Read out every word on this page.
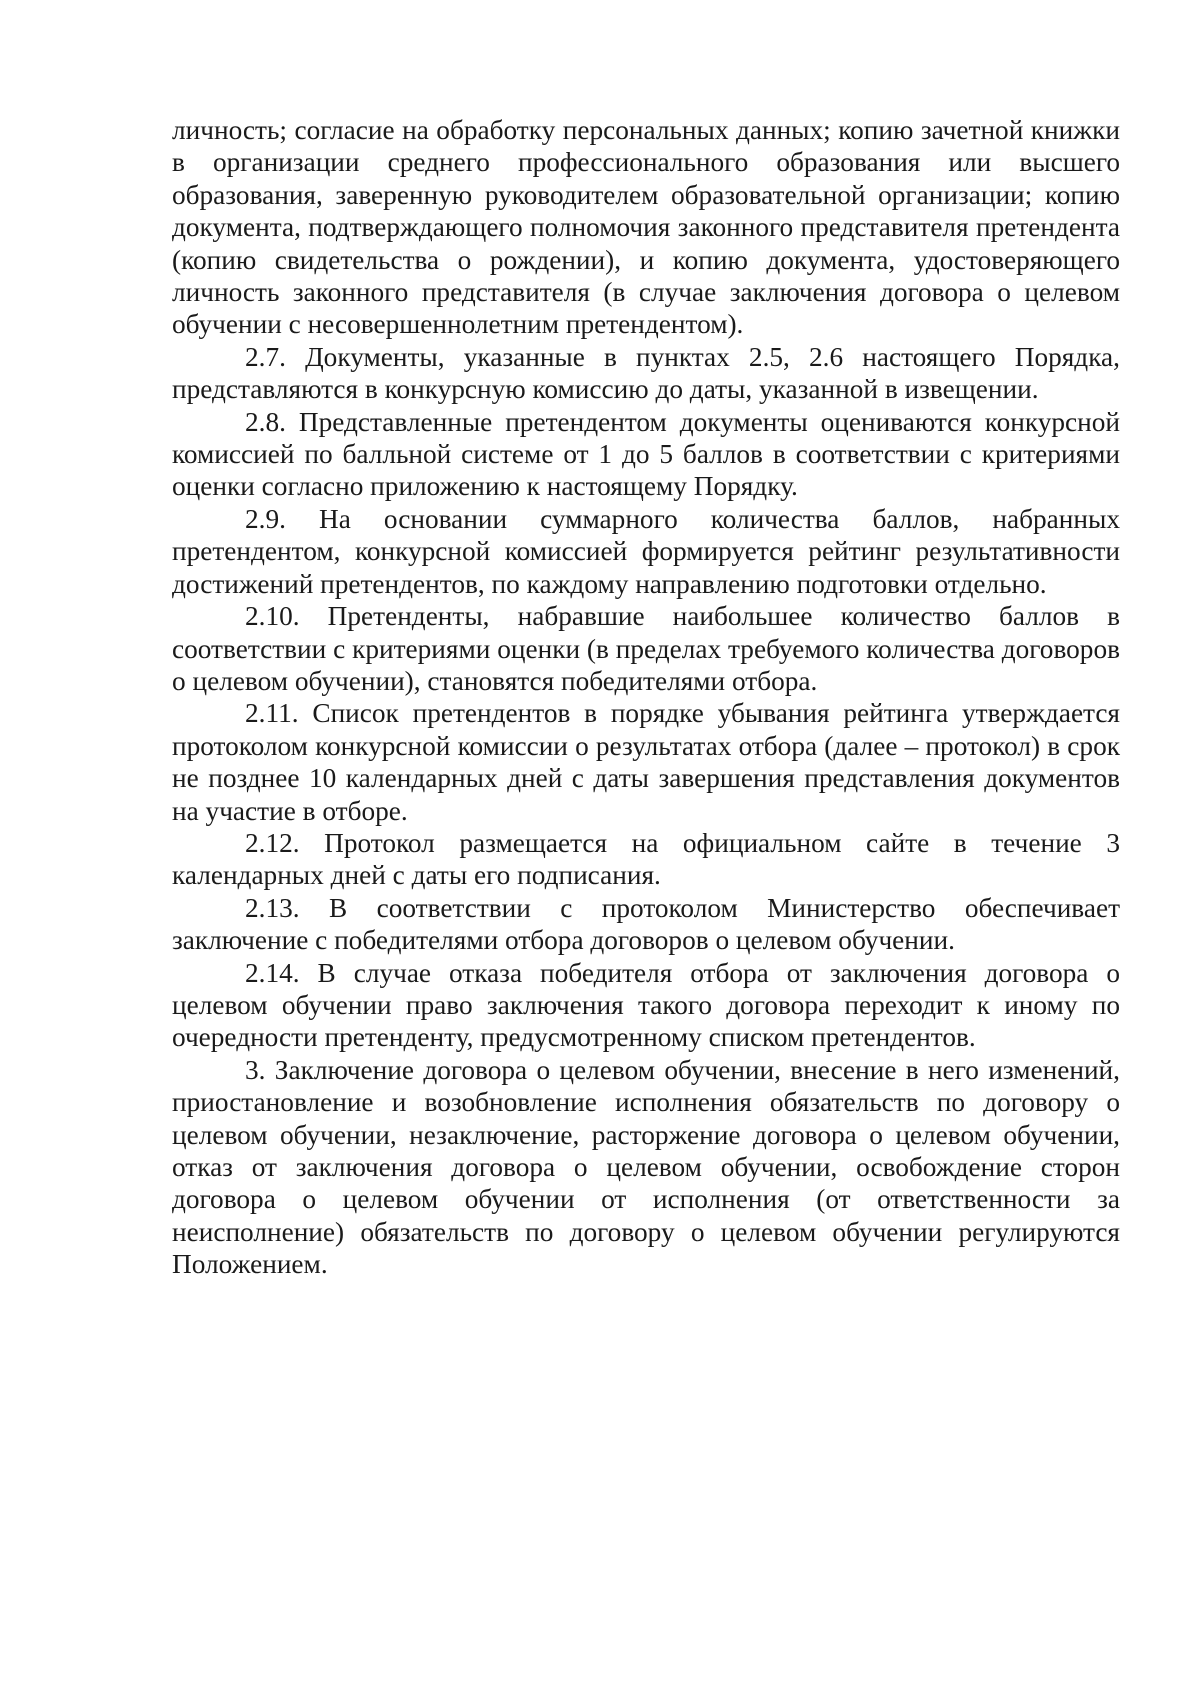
личность; согласие на обработку персональных данных; копию зачетной книжки в организации среднего профессионального образования или высшего образования, заверенную руководителем образовательной организации; копию документа, подтверждающего полномочия законного представителя претендента (копию свидетельства о рождении), и копию документа, удостоверяющего личность законного представителя (в случае заключения договора о целевом обучении с несовершеннолетним претендентом).

2.7. Документы, указанные в пунктах 2.5, 2.6 настоящего Порядка, представляются в конкурсную комиссию до даты, указанной в извещении.

2.8. Представленные претендентом документы оцениваются конкурсной комиссией по балльной системе от 1 до 5 баллов в соответствии с критериями оценки согласно приложению к настоящему Порядку.

2.9. На основании суммарного количества баллов, набранных претендентом, конкурсной комиссией формируется рейтинг результативности достижений претендентов, по каждому направлению подготовки отдельно.

2.10. Претенденты, набравшие наибольшее количество баллов в соответствии с критериями оценки (в пределах требуемого количества договоров о целевом обучении), становятся победителями отбора.

2.11. Список претендентов в порядке убывания рейтинга утверждается протоколом конкурсной комиссии о результатах отбора (далее – протокол) в срок не позднее 10 календарных дней с даты завершения представления документов на участие в отборе.

2.12. Протокол размещается на официальном сайте в течение 3 календарных дней с даты его подписания.

2.13. В соответствии с протоколом Министерство обеспечивает заключение с победителями отбора договоров о целевом обучении.

2.14. В случае отказа победителя отбора от заключения договора о целевом обучении право заключения такого договора переходит к иному по очередности претенденту, предусмотренному списком претендентов.

3. Заключение договора о целевом обучении, внесение в него изменений, приостановление и возобновление исполнения обязательств по договору о целевом обучении, незаключение, расторжение договора о целевом обучении, отказ от заключения договора о целевом обучении, освобождение сторон договора о целевом обучении от исполнения (от ответственности за неисполнение) обязательств по договору о целевом обучении регулируются Положением.
